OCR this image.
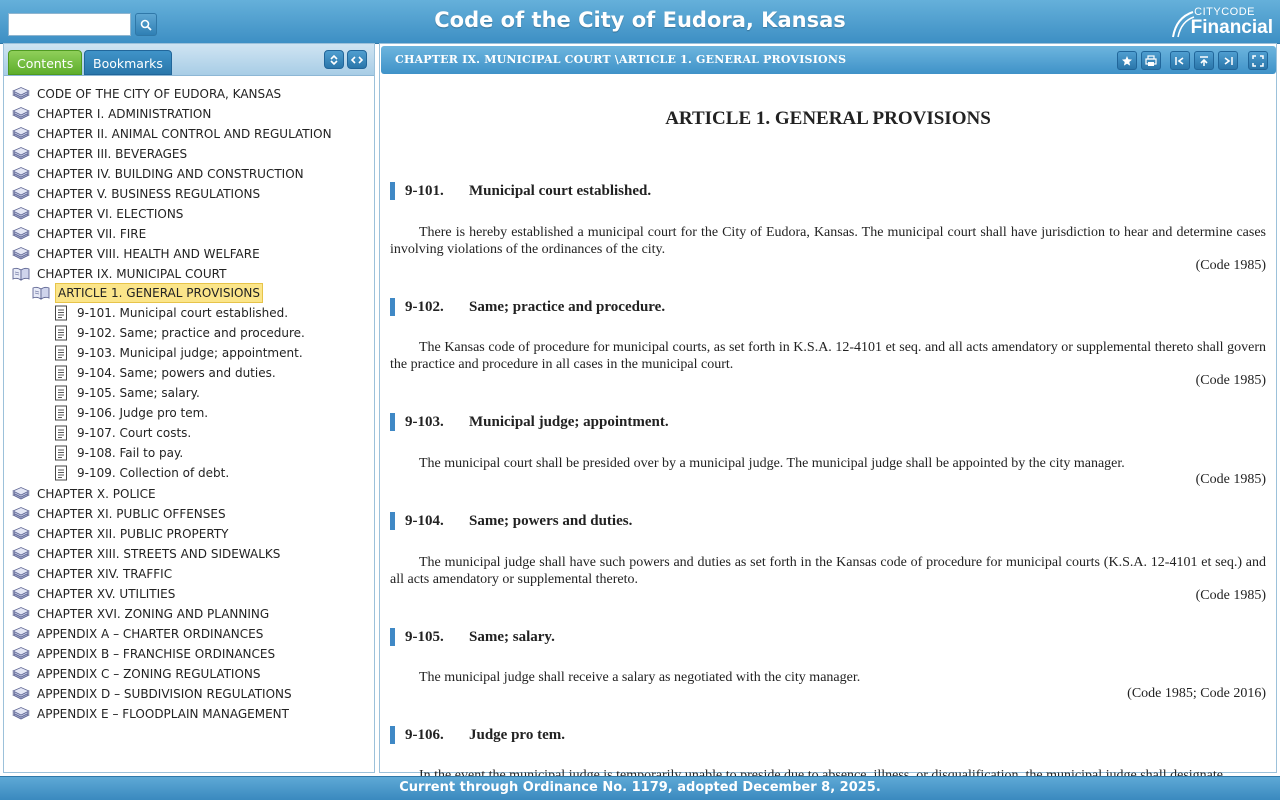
Code of the City of Eudora, Kansas	CITYCODE
Financial
Contents	Bookmarks
CODE OF THE CITY OF EUDORA, KANSAS
CHAPTER I. ADMINISTRATION
CHAPTER II. ANIMAL CONTROL AND REGULATION
CHAPTER III. BEVERAGES
CHAPTER IV. BUILDING AND CONSTRUCTION
CHAPTER V. BUSINESS REGULATIONS
CHAPTER VI. ELECTIONS
CHAPTER VII. FIRE
CHAPTER VIII. HEALTH AND WELFARE
CHAPTER IX. MUNICIPAL COURT
ARTICLE 1. GENERAL PROVISIONS
9-101. Municipal court established.
9-102. Same; practice and procedure.
9-103. Municipal judge; appointment.
9-104. Same; powers and duties.
9-105. Same; salary.
9-106. Judge pro tem.
9-107. Court costs.
9-108. Fail to pay.
9-109. Collection of debt.
CHAPTER X. POLICE
CHAPTER XI. PUBLIC OFFENSES
CHAPTER XII. PUBLIC PROPERTY
CHAPTER XIII. STREETS AND SIDEWALKS
CHAPTER XIV. TRAFFIC
CHAPTER XV. UTILITIES
CHAPTER XVI. ZONING AND PLANNING
APPENDIX A – CHARTER ORDINANCES
APPENDIX B – FRANCHISE ORDINANCES
APPENDIX C – ZONING REGULATIONS
APPENDIX D – SUBDIVISION REGULATIONS
APPENDIX E – FLOODPLAIN MANAGEMENT
CHAPTER IX. MUNICIPAL COURT \ARTICLE 1. GENERAL PROVISIONS
ARTICLE 1. GENERAL PROVISIONS
9-101.	Municipal court established.
There is hereby established a municipal court for the City of Eudora, Kansas. The municipal court shall have jurisdiction to hear and determine cases involving violations of the ordinances of the city.
(Code 1985)
9-102.	Same; practice and procedure.
The Kansas code of procedure for municipal courts, as set forth in K.S.A. 12-4101 et seq. and all acts amendatory or supplemental thereto shall govern the practice and procedure in all cases in the municipal court.
(Code 1985)
9-103.	Municipal judge; appointment.
The municipal court shall be presided over by a municipal judge. The municipal judge shall be appointed by the city manager.
(Code 1985)
9-104.	Same; powers and duties.
The municipal judge shall have such powers and duties as set forth in the Kansas code of procedure for municipal courts (K.S.A. 12-4101 et seq.) and all acts amendatory or supplemental thereto.
(Code 1985)
9-105.	Same; salary.
The municipal judge shall receive a salary as negotiated with the city manager.
(Code 1985; Code 2016)
9-106.	Judge pro tem.
Current through Ordinance No. 1179, adopted December 8, 2025.
